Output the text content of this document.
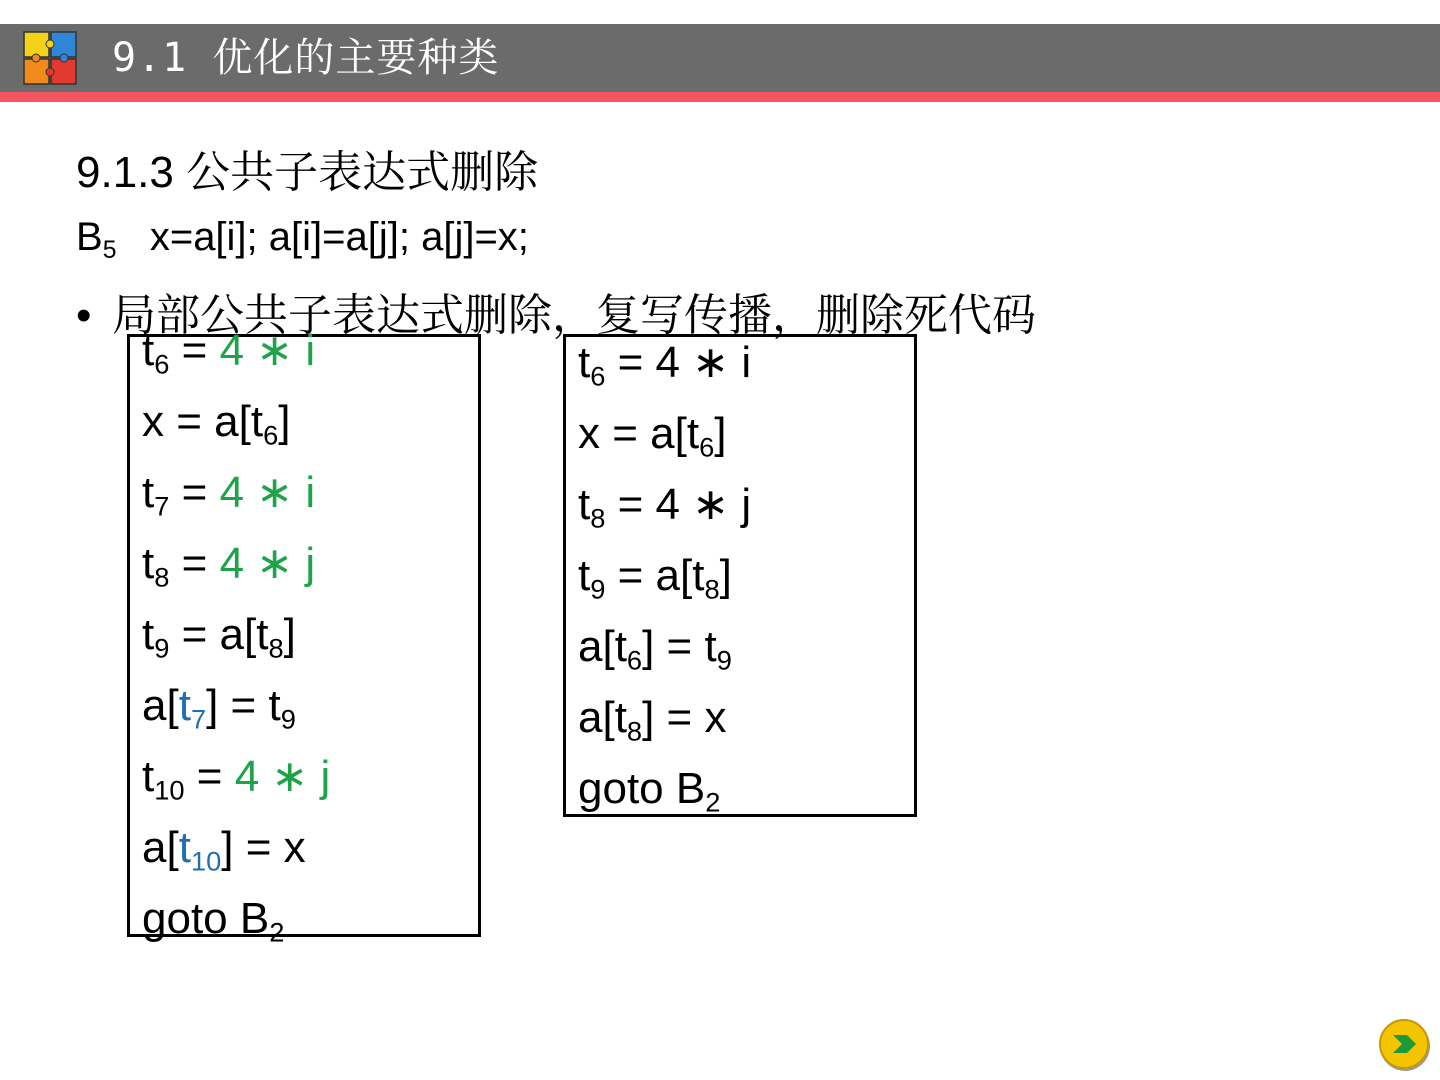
9.1 优化的主要种类
9.1.3 公共子表达式删除
$B_5$ x=a[i]; a[i]=a[j]; a[j]=x;
• 局部公共子表达式删除，复写传播，删除死代码
$t_6 = 4$ ∗ i
$x = a[t_6]$
$t_7 = 4$ ∗ i
$t_8 = 4$ ∗ j
$t_9 = a[t_8]$
$a[t_7] = t_9$
$t_{10} = 4$ ∗ j
$a[t_{10}] = x$
goto $B_2$
$t_6 = 4$ ∗ i
$x = a[t_6]$
$t_8 = 4$ ∗ j
$t_9 = a[t_8]$
$a[t_6] = t_9$
$a[t_8] = x$
goto $B_2$
